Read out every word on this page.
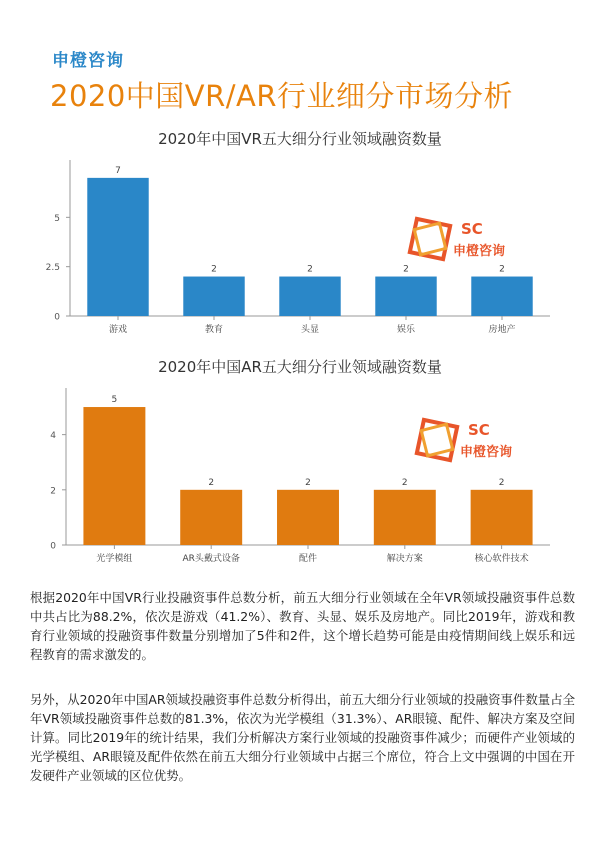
申橙咨询
2020中国VR/AR行业细分市场分析
2020年中国VR五大细分行业领域融资数量
0
2.5
5
7
游戏
2
教育
2
头显
2
娱乐
2
房地产
2020年中国AR五大细分行业领域融资数量
0
2
4
5
光学模组
2
AR头戴式设备
2
配件
2
解决方案
2
核心软件技术
SC
申橙咨询
SC
申橙咨询

根据2020年中国VR行业投融资事件总数分析，前五大细分行业领域在全年VR领域投融资事件总数中共占比为88.2%，依次是游戏（41.2%）、教育、头显、娱乐及房地产。同比2019年，游戏和教育行业领域的投融资事件数量分别增加了5件和2件，这个增长趋势可能是由疫情期间线上娱乐和远程教育的需求激发的。

另外，从2020年中国AR领域投融资事件总数分析得出，前五大细分行业领域的投融资事件数量占全年VR领域投融资事件总数的81.3%，依次为光学模组（31.3%）、AR眼镜、配件、解决方案及空间计算。同比2019年的统计结果，我们分析解决方案行业领域的投融资事件减少；而硬件产业领域的光学模组、AR眼镜及配件依然在前五大细分行业领域中占据三个席位，符合上文中强调的中国在开发硬件产业领域的区位优势。
